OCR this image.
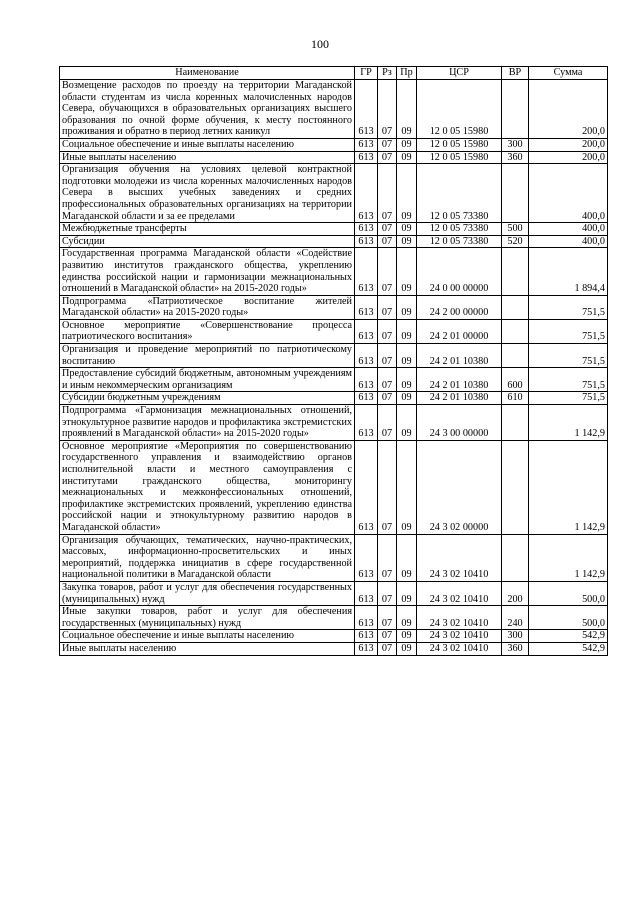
100
Наименование	ГР	Рз	Пр	ЦСР	ВР	Сумма
Возмещение расходов по проезду на территории Магаданской области студентам из числа коренных малочисленных народов Севера, обучающихся в образовательных организациях высшего образования по очной форме обучения, к месту постоянного проживания и обратно в период летних каникул	613	07	09	12 0 05 15980		200,0
Социальное обеспечение и иные выплаты населению	613	07	09	12 0 05 15980	300	200,0
Иные выплаты населению	613	07	09	12 0 05 15980	360	200,0
Организация обучения на условиях целевой контрактной подготовки молодежи из числа коренных малочисленных народов Севера в высших учебных заведениях и средних профессиональных образовательных организациях на территории Магаданской области и за ее пределами	613	07	09	12 0 05 73380		400,0
Межбюджетные трансферты	613	07	09	12 0 05 73380	500	400,0
Субсидии	613	07	09	12 0 05 73380	520	400,0
Государственная программа Магаданской области «Содействие развитию институтов гражданского общества, укреплению единства российской нации и гармонизации межнациональных отношений в Магаданской области» на 2015-2020 годы»	613	07	09	24 0 00 00000		1 894,4
Подпрограмма «Патриотическое воспитание жителей Магаданской области» на 2015-2020 годы»	613	07	09	24 2 00 00000		751,5
Основное мероприятие «Совершенствование процесса патриотического воспитания»	613	07	09	24 2 01 00000		751,5
Организация и проведение мероприятий по патриотическому воспитанию	613	07	09	24 2 01 10380		751,5
Предоставление субсидий бюджетным, автономным учреждениям и иным некоммерческим организациям	613	07	09	24 2 01 10380	600	751,5
Субсидии бюджетным учреждениям	613	07	09	24 2 01 10380	610	751,5
Подпрограмма «Гармонизация межнациональных отношений, этнокультурное развитие народов и профилактика экстремистских проявлений в Магаданской области» на 2015-2020 годы»	613	07	09	24 3 00 00000		1 142,9
Основное мероприятие «Мероприятия по совершенствованию государственного управления и взаимодействию органов исполнительной власти и местного самоуправления с институтами гражданского общества, мониторингу межнациональных и межконфессиональных отношений, профилактике экстремистских проявлений, укреплению единства российской нации и этнокультурному развитию народов в Магаданской области»	613	07	09	24 3 02 00000		1 142,9
Организация обучающих, тематических, научно-практических, массовых, информационно-просветительских и иных мероприятий, поддержка инициатив в сфере государственной национальной политики в Магаданской области	613	07	09	24 3 02 10410		1 142,9
Закупка товаров, работ и услуг для обеспечения государственных (муниципальных) нужд	613	07	09	24 3 02 10410	200	500,0
Иные закупки товаров, работ и услуг для обеспечения государственных (муниципальных) нужд	613	07	09	24 3 02 10410	240	500,0
Социальное обеспечение и иные выплаты населению	613	07	09	24 3 02 10410	300	542,9
Иные выплаты населению	613	07	09	24 3 02 10410	360	542,9
